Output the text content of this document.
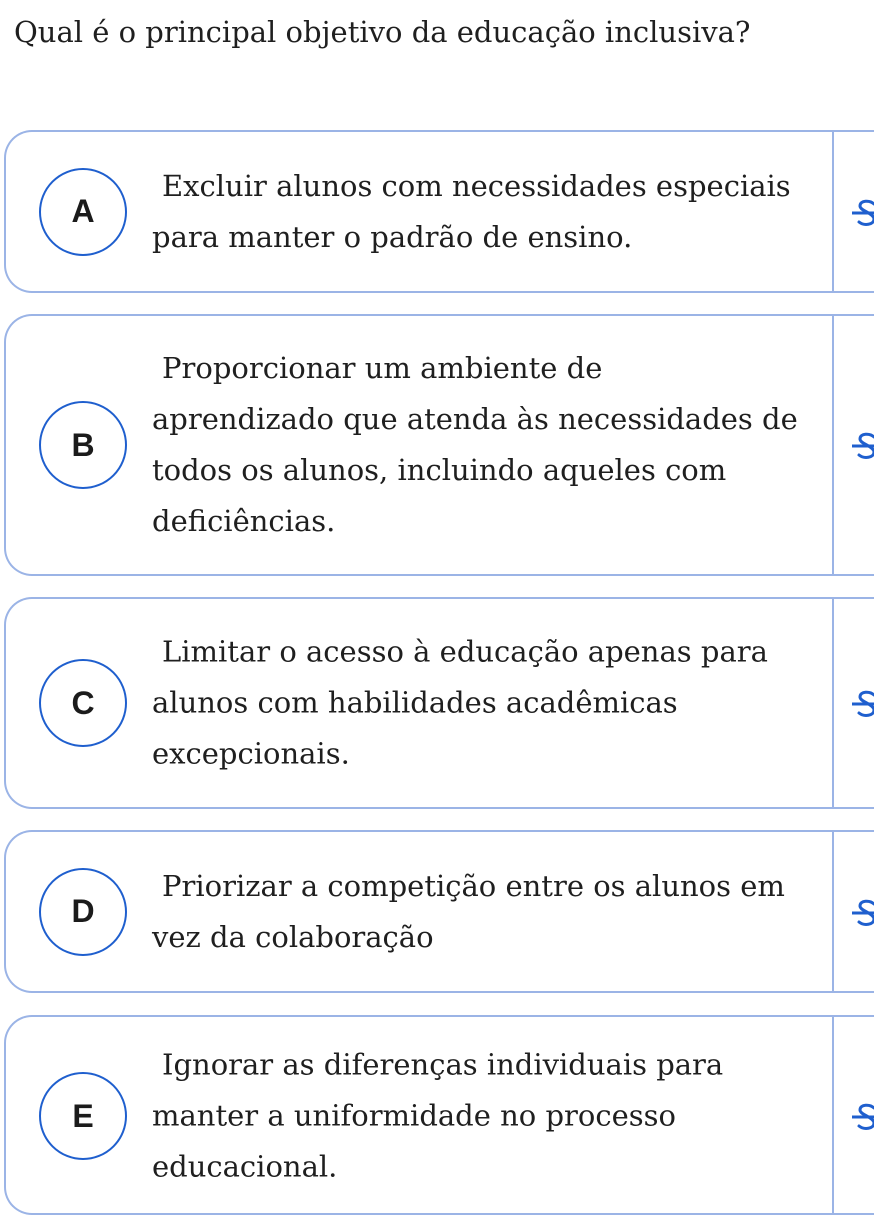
Qual é o principal objetivo da educação inclusiva?
A
Excluir alunos com necessidades especiais
para manter o padrão de ensino.
B
Proporcionar um ambiente de
aprendizado que atenda às necessidades de
todos os alunos, incluindo aqueles com
deficiências.
C
Limitar o acesso à educação apenas para
alunos com habilidades acadêmicas
excepcionais.
D
Priorizar a competição entre os alunos em
vez da colaboração
E
Ignorar as diferenças individuais para
manter a uniformidade no processo
educacional.
